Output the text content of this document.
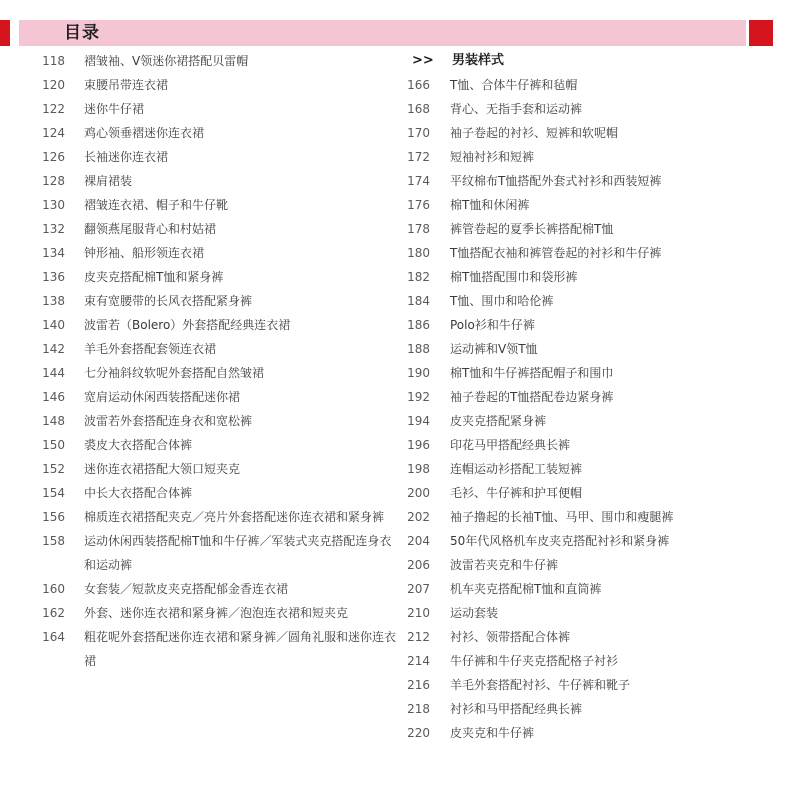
目录
118 褶皱袖、V领迷你裙搭配贝雷帽
120 束腰吊带连衣裙
122 迷你牛仔裙
124 鸡心领垂褶迷你连衣裙
126 长袖迷你连衣裙
128 裸肩裙装
130 褶皱连衣裙、帽子和牛仔靴
132 翻领燕尾服背心和村姑裙
134 钟形袖、船形领连衣裙
136 皮夹克搭配棉T恤和紧身裤
138 束有宽腰带的长风衣搭配紧身裤
140 波雷若（Bolero）外套搭配经典连衣裙
142 羊毛外套搭配套领连衣裙
144 七分袖斜纹软呢外套搭配自然皱裙
146 宽肩运动休闲西装搭配迷你裙
148 波雷若外套搭配连身衣和宽松裤
150 裘皮大衣搭配合体裤
152 迷你连衣裙搭配大领口短夹克
154 中长大衣搭配合体裤
156 棉质连衣裙搭配夹克／亮片外套搭配迷你连衣裙和紧身裤
158 运动休闲西装搭配棉T恤和牛仔裤／军装式夹克搭配连身衣和运动裤
160 女套装／短款皮夹克搭配郁金香连衣裙
162 外套、迷你连衣裙和紧身裤／泡泡连衣裙和短夹克
164 粗花呢外套搭配迷你连衣裙和紧身裤／圆角礼服和迷你连衣裙
>> 男装样式
166 T恤、合体牛仔裤和毡帽
168 背心、无指手套和运动裤
170 袖子卷起的衬衫、短裤和软呢帽
172 短袖衬衫和短裤
174 平纹棉布T恤搭配外套式衬衫和西装短裤
176 棉T恤和休闲裤
178 裤管卷起的夏季长裤搭配棉T恤
180 T恤搭配衣袖和裤管卷起的衬衫和牛仔裤
182 棉T恤搭配围巾和袋形裤
184 T恤、围巾和哈伦裤
186 Polo衫和牛仔裤
188 运动裤和V领T恤
190 棉T恤和牛仔裤搭配帽子和围巾
192 袖子卷起的T恤搭配卷边紧身裤
194 皮夹克搭配紧身裤
196 印花马甲搭配经典长裤
198 连帽运动衫搭配工装短裤
200 毛衫、牛仔裤和护耳便帽
202 袖子撸起的长袖T恤、马甲、围巾和瘦腿裤
204 50年代风格机车皮夹克搭配衬衫和紧身裤
206 波雷若夹克和牛仔裤
207 机车夹克搭配棉T恤和直筒裤
210 运动套装
212 衬衫、领带搭配合体裤
214 牛仔裤和牛仔夹克搭配格子衬衫
216 羊毛外套搭配衬衫、牛仔裤和靴子
218 衬衫和马甲搭配经典长裤
220 皮夹克和牛仔裤
